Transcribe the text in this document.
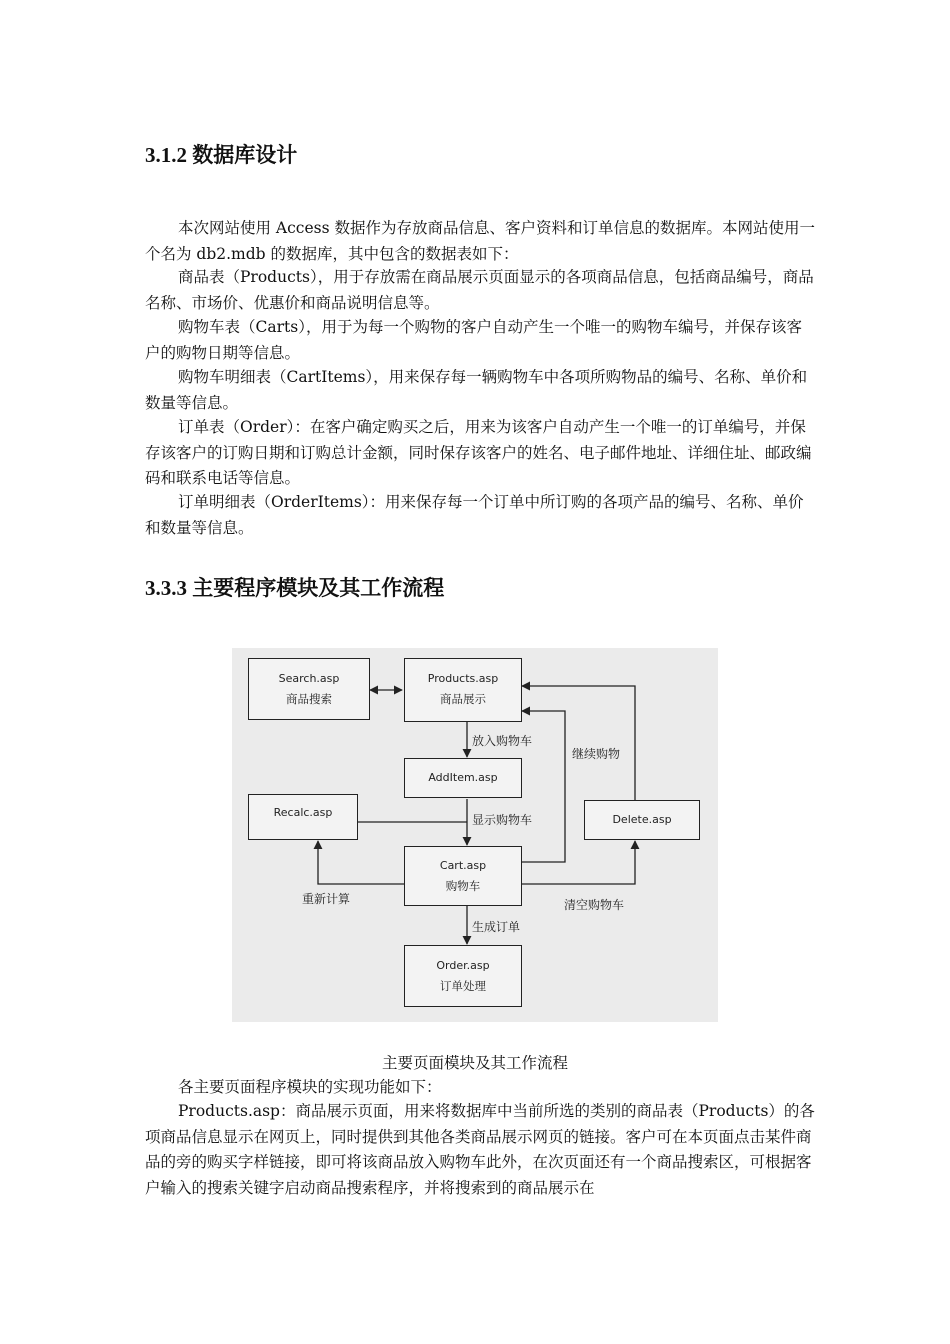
3.1.2 数据库设计

本次网站使用 Access 数据作为存放商品信息、客户资料和订单信息的数据库。本网站使用一个名为 db2.mdb 的数据库，其中包含的数据表如下：

商品表（Products），用于存放需在商品展示页面显示的各项商品信息，包括商品编号，商品名称、市场价、优惠价和商品说明信息等。

购物车表（Carts），用于为每一个购物的客户自动产生一个唯一的购物车编号，并保存该客户的购物日期等信息。

购物车明细表（CartItems），用来保存每一辆购物车中各项所购物品的编号、名称、单价和数量等信息。

订单表（Order）：在客户确定购买之后，用来为该客户自动产生一个唯一的订单编号，并保存该客户的订购日期和订购总计金额，同时保存该客户的姓名、电子邮件地址、详细住址、邮政编码和联系电话等信息。

订单明细表（OrderItems）：用来保存每一个订单中所订购的各项产品的编号、名称、单价和数量等信息。

3.3.3 主要程序模块及其工作流程
Search.asp
商品搜索
Products.asp
商品展示
AddItem.asp
Recalc.asp
Cart.asp
购物车
Delete.asp
Order.asp
订单处理
放入购物车
显示购物车
继续购物
重新计算	清空购物车
生成订单
主要页面模块及其工作流程

各主要页面程序模块的实现功能如下：

Products.asp：商品展示页面，用来将数据库中当前所选的类别的商品表（Products）的各项商品信息显示在网页上，同时提供到其他各类商品展示网页的链接。客户可在本页面点击某件商品的旁的购买字样链接，即可将该商品放入购物车此外，在次页面还有一个商品搜索区，可根据客户输入的搜索关键字启动商品搜索程序，并将搜索到的商品展示在
